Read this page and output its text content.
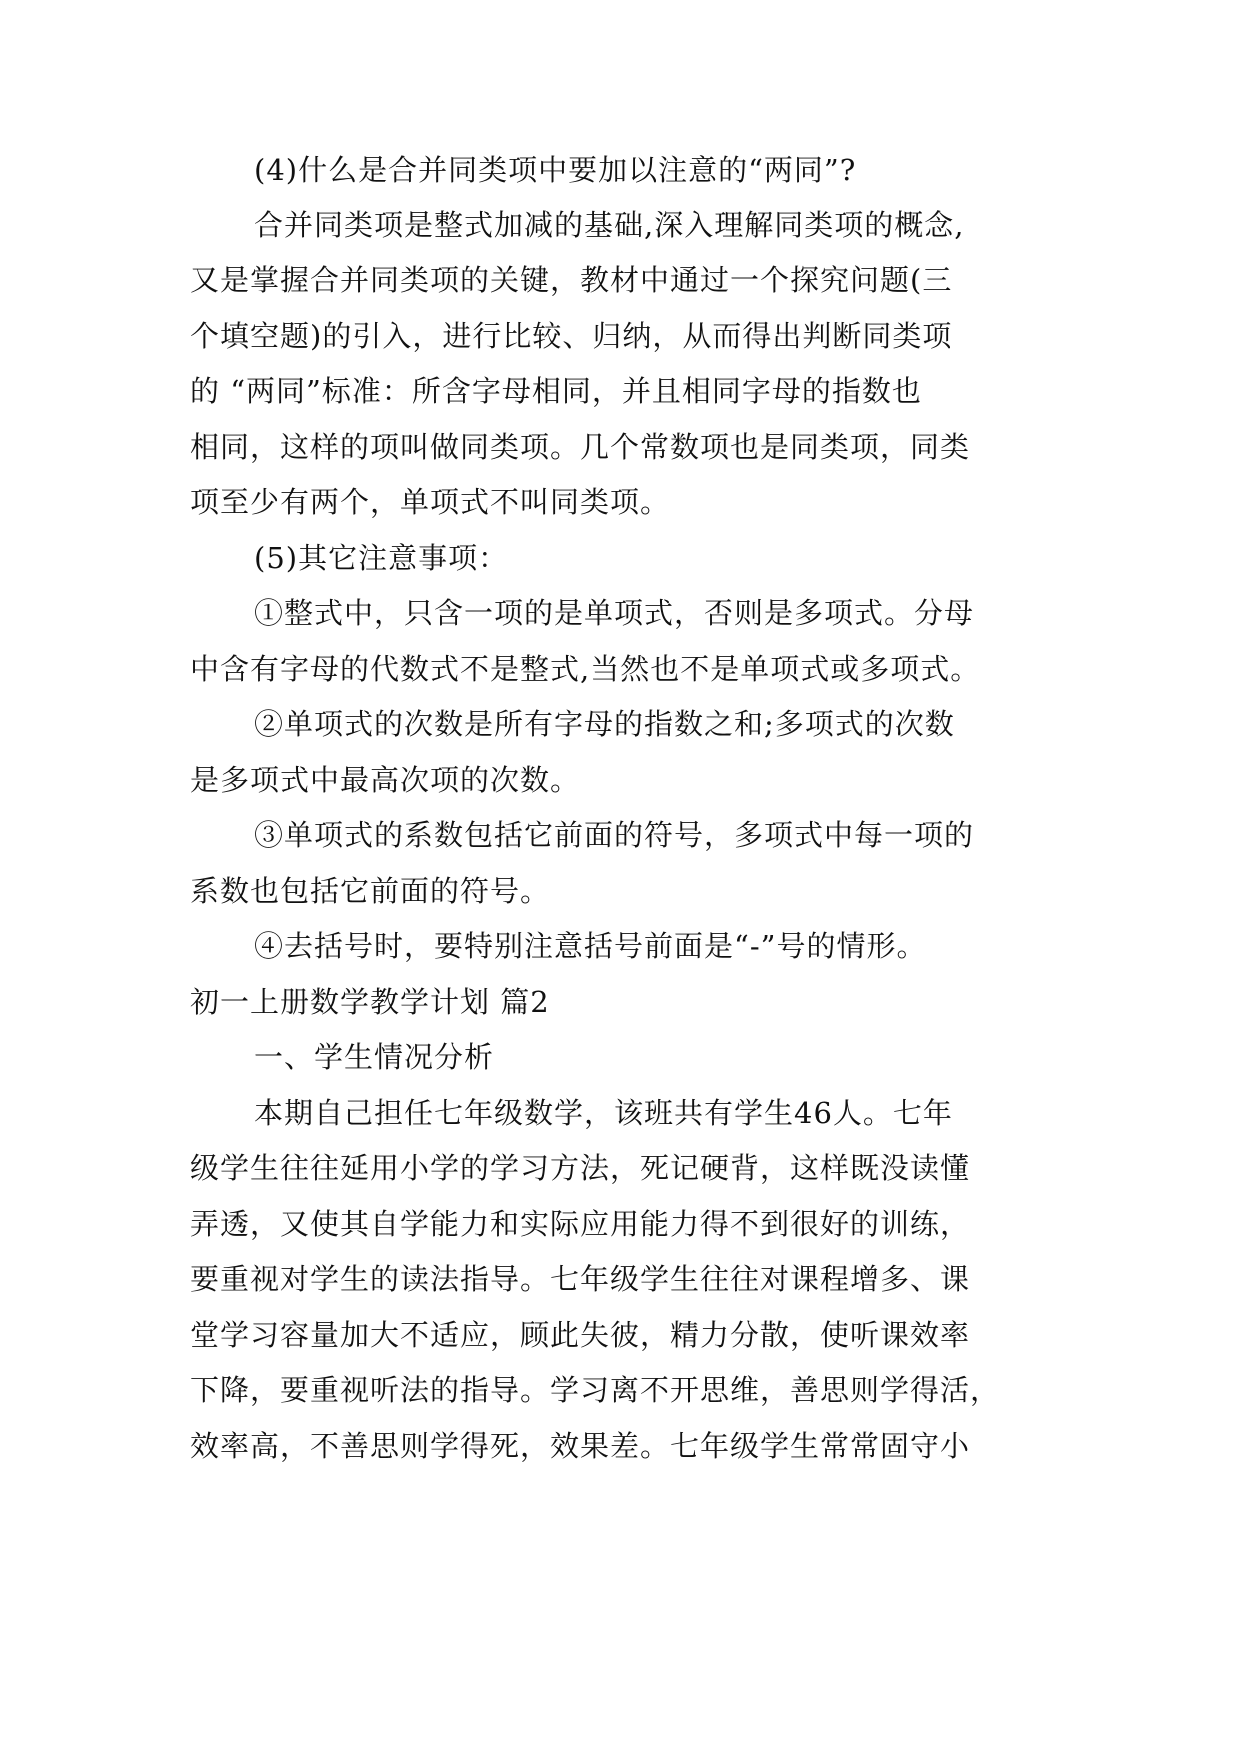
(4)什么是合并同类项中要加以注意的“两同”?
合并同类项是整式加减的基础,深入理解同类项的概念,
又是掌握合并同类项的关键，教材中通过一个探究问题(三
个填空题)的引入，进行比较、归纳，从而得出判断同类项
的 “两同”标准：所含字母相同，并且相同字母的指数也
相同，这样的项叫做同类项。几个常数项也是同类项，同类
项至少有两个，单项式不叫同类项。
(5)其它注意事项：
①整式中，只含一项的是单项式，否则是多项式。分母
中含有字母的代数式不是整式,当然也不是单项式或多项式。
②单项式的次数是所有字母的指数之和;多项式的次数
是多项式中最高次项的次数。
③单项式的系数包括它前面的符号，多项式中每一项的
系数也包括它前面的符号。
④去括号时，要特别注意括号前面是“-”号的情形。
初一上册数学教学计划 篇2
一、学生情况分析
本期自己担任七年级数学，该班共有学生46人。七年
级学生往往延用小学的学习方法，死记硬背，这样既没读懂
弄透，又使其自学能力和实际应用能力得不到很好的训练，
要重视对学生的读法指导。七年级学生往往对课程增多、课
堂学习容量加大不适应，顾此失彼，精力分散，使听课效率
下降，要重视听法的指导。学习离不开思维，善思则学得活，
效率高，不善思则学得死，效果差。七年级学生常常固守小
